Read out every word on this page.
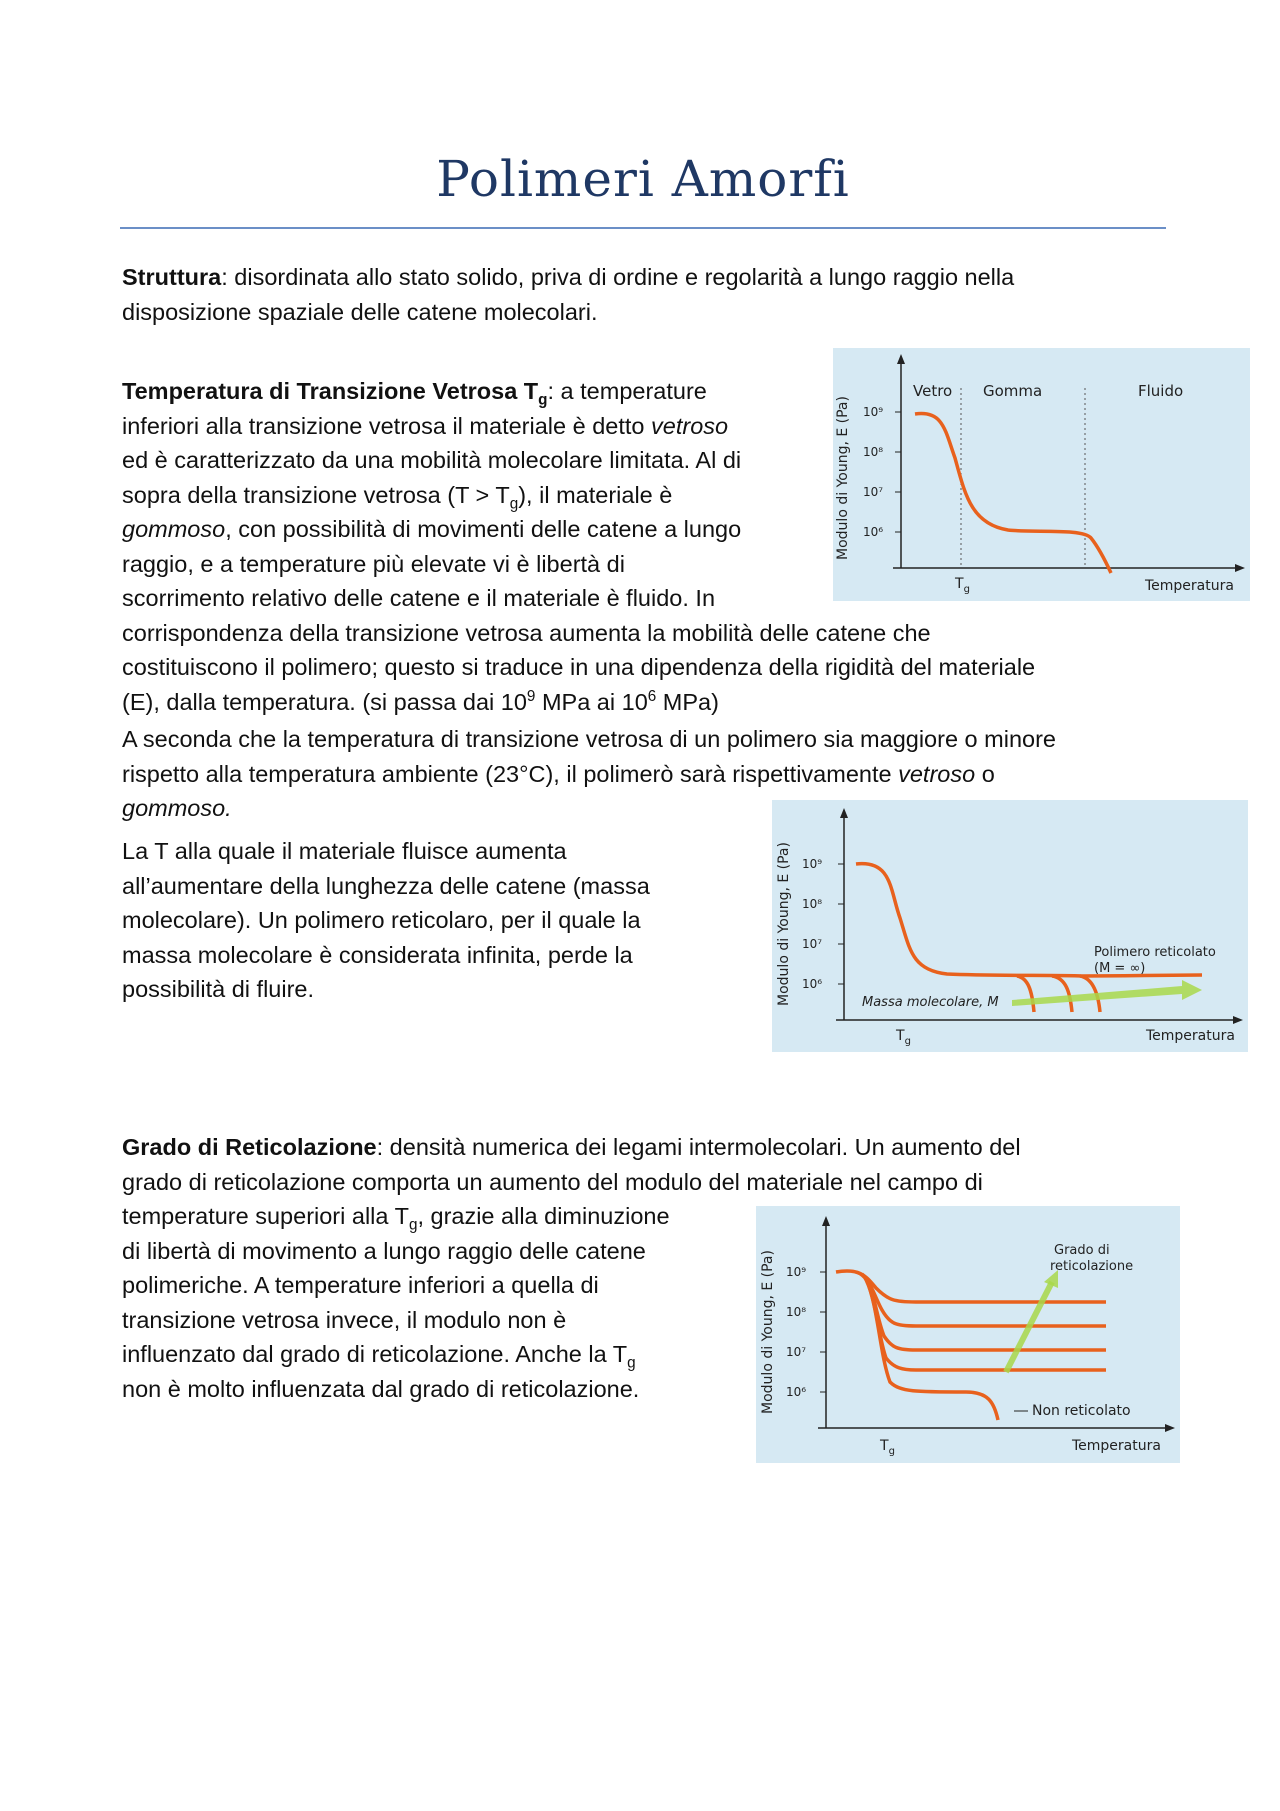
Polimeri Amorfi

Struttura: disordinata allo stato solido, priva di ordine e regolarità a lungo raggio nella
disposizione spaziale delle catene molecolari.

Temperatura di Transizione Vetrosa $T_g$: a temperature
inferiori alla transizione vetrosa il materiale è detto vetroso
ed è caratterizzato da una mobilità molecolare limitata. Al di
sopra della transizione vetrosa $(T > T_g)$, il materiale è
gommoso, con possibilità di movimenti delle catene a lungo
raggio, e a temperature più elevate vi è libertà di
scorrimento relativo delle catene e il materiale è fluido. In
corrispondenza della transizione vetrosa aumenta la mobilità delle catene che
costituiscono il polimero; questo si traduce in una dipendenza della rigidità del materiale
(E), dalla temperatura. (si passa dai $10^9$ MPa ai $10^6$ MPa)

A seconda che la temperatura di transizione vetrosa di un polimero sia maggiore o minore
rispetto alla temperatura ambiente (23°C), il polimerò sarà rispettivamente vetroso o
gommoso.

La T alla quale il materiale fluisce aumenta
all’aumentare della lunghezza delle catene (massa
molecolare). Un polimero reticolaro, per il quale la
massa molecolare è considerata infinita, perde la
possibilità di fluire.

Grado di Reticolazione: densità numerica dei legami intermolecolari. Un aumento del
grado di reticolazione comporta un aumento del modulo del materiale nel campo di
temperature superiori alla $T_g$, grazie alla diminuzione
di libertà di movimento a lungo raggio delle catene
polimeriche. A temperature inferiori a quella di
transizione vetrosa invece, il modulo non è
influenzato dal grado di reticolazione. Anche la $T_g$
non è molto influenzata dal grado di reticolazione.

Modulo di Young, E (Pa) 10⁹
10⁸
10⁷
10⁶
Vetro Gomma	Fluido
$T_g$	Temperatura
Modulo di Young, E (Pa) 10⁹
10⁸
10⁷
10⁶
Massa molecolare, M
Polimero reticolato
(M = ∞)
$T_g$	Temperatura
Modulo di Young, E (Pa) 10⁹
10⁸
10⁷
10⁶
Grado di
reticolazione
Non reticolato
$T_g$	Temperatura
